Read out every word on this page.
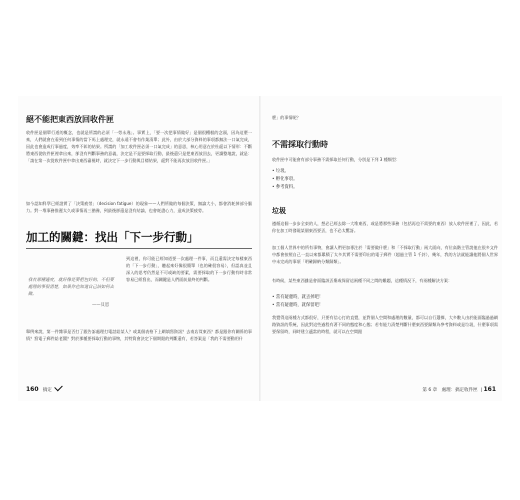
絕不能把東西放回收件匣
收件匣是個單行道的概念，也就是所謂的必須「一勞永逸」。事實上，「要一次把事情做好」是個很糟糕的念頭，因為這麼一來，人們就會在看到任何事情的當下馬上處理完，就永遠不會有作業清單；此外，由於大部分資料的事項都無法一口氣完成，因此也會造成行事過度，效率不彰的結果。所謂的「加工收件匣必須一口氣完成」的意思，核心用意在於杜絕以下情形：不斷將東西從收件匣裡拿出來，卻沒有判斷事務的意義，決定是不是要採取行動，最後還只是把東西放回去，更讀整地說，就是：「請在第一次從收件匣中拿出東西審視時，就決定下一步行動與目標結果，絕對不能再次放回收件匣。」
如今認知科學已經證實了「決策疲勞」（decision fatigue）的現象——人們所做的每個決策，無論大小，都會消耗掉部分腦力。對一堆事務推遲太久或事情再三猶豫，到最後卻還是沒有結論，也會耗盡心力，造成決策疲勞。
加工的關鍵：找出「下一步行動」
我有那種適度，就好像是要把包好的，不但要處理的事很清楚，如果你也知道自己該如何去做。
——貝恩
到這裡，你可能已經知道要一次處理一件事，而且還需決定每樣東西的「下一步行動」，聽起來好像很簡單（也的確很容易），但認真並且深入的思考仍然是不可或缺的要素，需要採取的下一步行動有時非常容易已經寫出，而關鍵是人們面前最終的判斷。
舉例來說，第一件雜事是否打了跟告訴處理打電話給某人？或某個表格下上網填寫資訊？去南店買東西？都是跟你有關係的事情？寫電子郵件給老闆？對於那種要採取行動的事物，其特質會決定下個期限的判斷還有，若答案是「我的不需要動用什
160 搞定
麼」的事情呢？
不需採取行動時
收件匣中可能會有部分事務不需採取任何行動，分別是下列 3 種類型：
• 垃圾。
• 孵化事項。
• 參考資料。
垃圾
遵循這個一步步全束的人，想必已經去除一大堆東西，或是將那些事務（包括再也不需要的東西）放入收件匣裡了，因此，若你在加工時發現某個東西要丟，也不必太驚訝。
加工個人世界中的所有事物，會讓人們更加專注於「需要做什麼」和「不採取行動」兩大面向，有位高階主管說他在很多文件中都會按照自己一直以來都累積了太多其實不需要印出的電子郵件（超過主管 1 千封），幾年，我的方法就能讓他將個人世界中未完成的事項「明確歸納分類歸類」。
有時候，某些東西雖是會面臨該丟棄或保留這兩種不同之間的難題，這種情況下，有兩種解決方案：
• 當有疑慮時，就丟掉吧！
• 當有疑慮時，就保留吧！
我覺得這兩種方式都很好，只要有信心打的直覺，並對個人空間和處理的數量，都可以自行選擇，大多數人由於能面臨過過網路資訊的系統，因此對這些過程有著不同的態度和心態；若有能力清楚判斷什麼東西要歸類為參考資料或是垃圾，什麼事項需要保留時，同時建立適當的時程，就可以在空間跟
第 6 章　處理：搞定收件匣  | 161
